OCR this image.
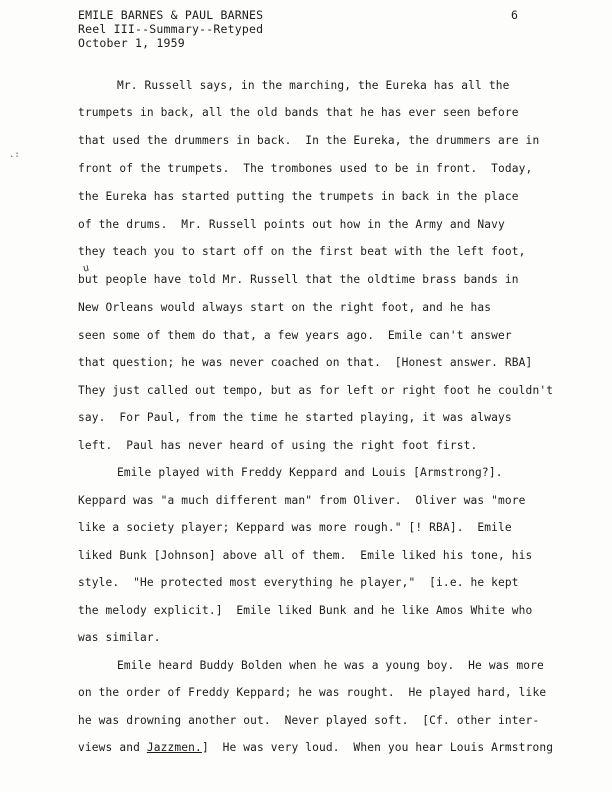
EMILE BARNES & PAUL BARNES
Reel III--Summary--Retyped
October 1, 1959
6
.:
u
Mr. Russell says, in the marching, the Eureka has all the
trumpets in back, all the old bands that he has ever seen before
that used the drummers in back.  In the Eureka, the drummers are in
front of the trumpets.  The trombones used to be in front.  Today,
the Eureka has started putting the trumpets in back in the place
of the drums.  Mr. Russell points out how in the Army and Navy
they teach you to start off on the first beat with the left foot,
but people have told Mr. Russell that the oldtime brass bands in
New Orleans would always start on the right foot, and he has
seen some of them do that, a few years ago.  Emile can't answer
that question; he was never coached on that.  [Honest answer. RBA]
They just called out tempo, but as for left or right foot he couldn't
say.  For Paul, from the time he started playing, it was always
left.  Paul has never heard of using the right foot first.
Emile played with Freddy Keppard and Louis [Armstrong?].
Keppard was "a much different man" from Oliver.  Oliver was "more
like a society player; Keppard was more rough." [! RBA].  Emile
liked Bunk [Johnson] above all of them.  Emile liked his tone, his
style.  "He protected most everything he player,"  [i.e. he kept
the melody explicit.]  Emile liked Bunk and he like Amos White who
was similar.
Emile heard Buddy Bolden when he was a young boy.  He was more
on the order of Freddy Keppard; he was rought.  He played hard, like
he was drowning another out.  Never played soft.  [Cf. other inter-
views and Jazzmen.]  He was very loud.  When you hear Louis Armstrong
